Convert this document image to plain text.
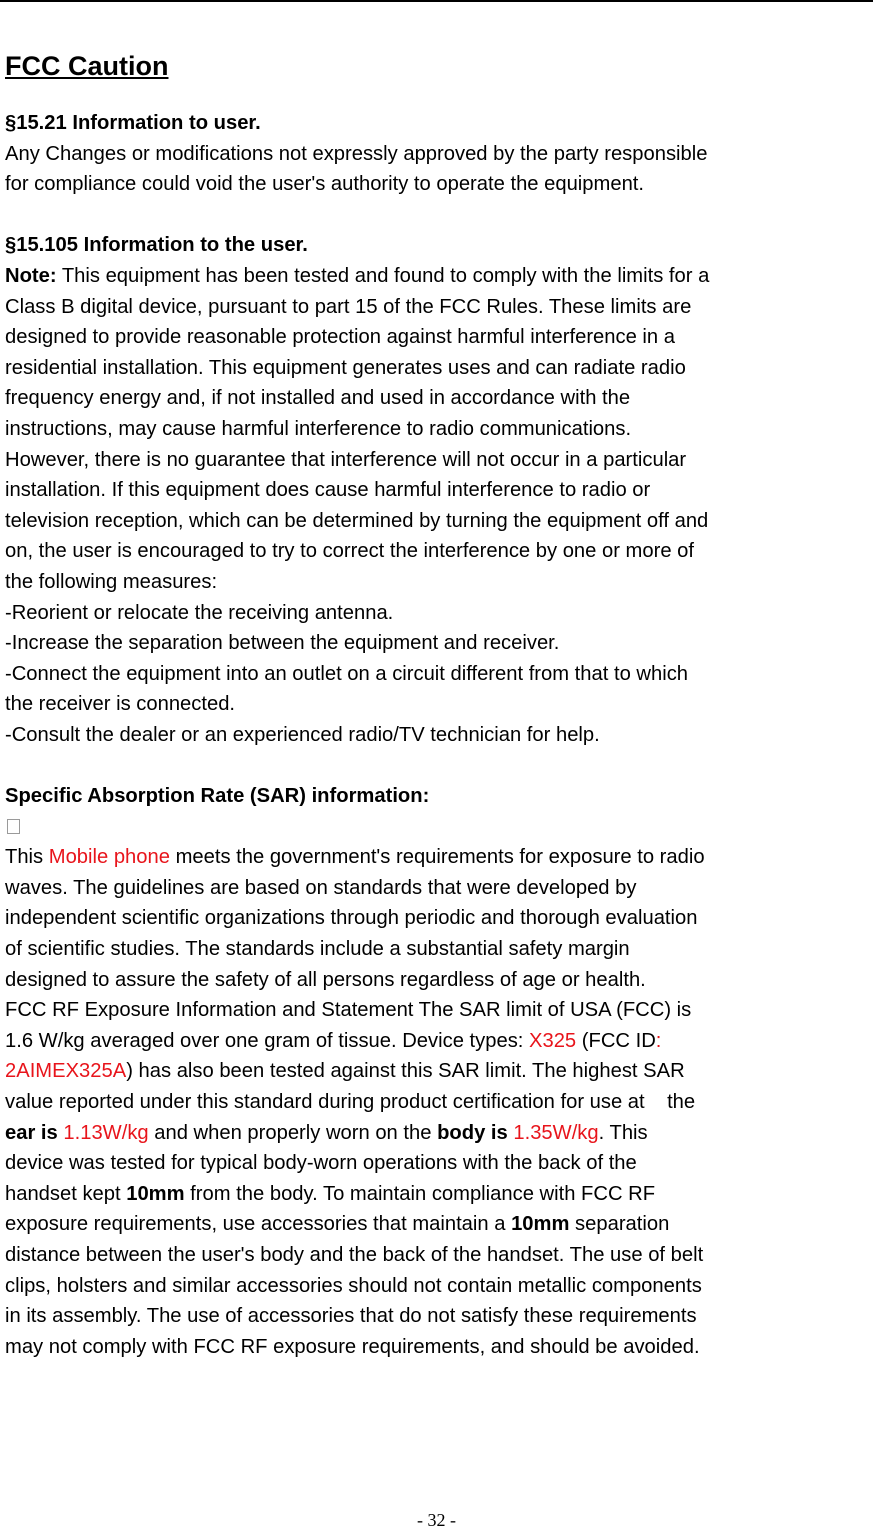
FCC Caution
§15.21 Information to user.
Any Changes or modifications not expressly approved by the party responsible
for compliance could void the user's authority to operate the equipment.
§15.105 Information to the user.
Note: This equipment has been tested and found to comply with the limits for a
Class B digital device, pursuant to part 15 of the FCC Rules. These limits are
designed to provide reasonable protection against harmful interference in a
residential installation. This equipment generates uses and can radiate radio
frequency energy and, if not installed and used in accordance with the
instructions, may cause harmful interference to radio communications.
However, there is no guarantee that interference will not occur in a particular
installation. If this equipment does cause harmful interference to radio or
television reception, which can be determined by turning the equipment off and
on, the user is encouraged to try to correct the interference by one or more of
the following measures:
-Reorient or relocate the receiving antenna.
-Increase the separation between the equipment and receiver.
-Connect the equipment into an outlet on a circuit different from that to which
the receiver is connected.
-Consult the dealer or an experienced radio/TV technician for help.
Specific Absorption Rate (SAR) information:
This Mobile phone meets the government's requirements for exposure to radio
waves. The guidelines are based on standards that were developed by
independent scientific organizations through periodic and thorough evaluation
of scientific studies. The standards include a substantial safety margin
designed to assure the safety of all persons regardless of age or health.
FCC RF Exposure Information and Statement The SAR limit of USA (FCC) is
1.6 W/kg averaged over one gram of tissue. Device types: X325 (FCC ID:
2AIMEX325A) has also been tested against this SAR limit. The highest SAR
value reported under this standard during product certification for use at    the
ear is 1.13W/kg and when properly worn on the body is 1.35W/kg. This
device was tested for typical body-worn operations with the back of the
handset kept 10mm from the body. To maintain compliance with FCC RF
exposure requirements, use accessories that maintain a 10mm separation
distance between the user's body and the back of the handset. The use of belt
clips, holsters and similar accessories should not contain metallic components
in its assembly. The use of accessories that do not satisfy these requirements
may not comply with FCC RF exposure requirements, and should be avoided.
- 32 -
